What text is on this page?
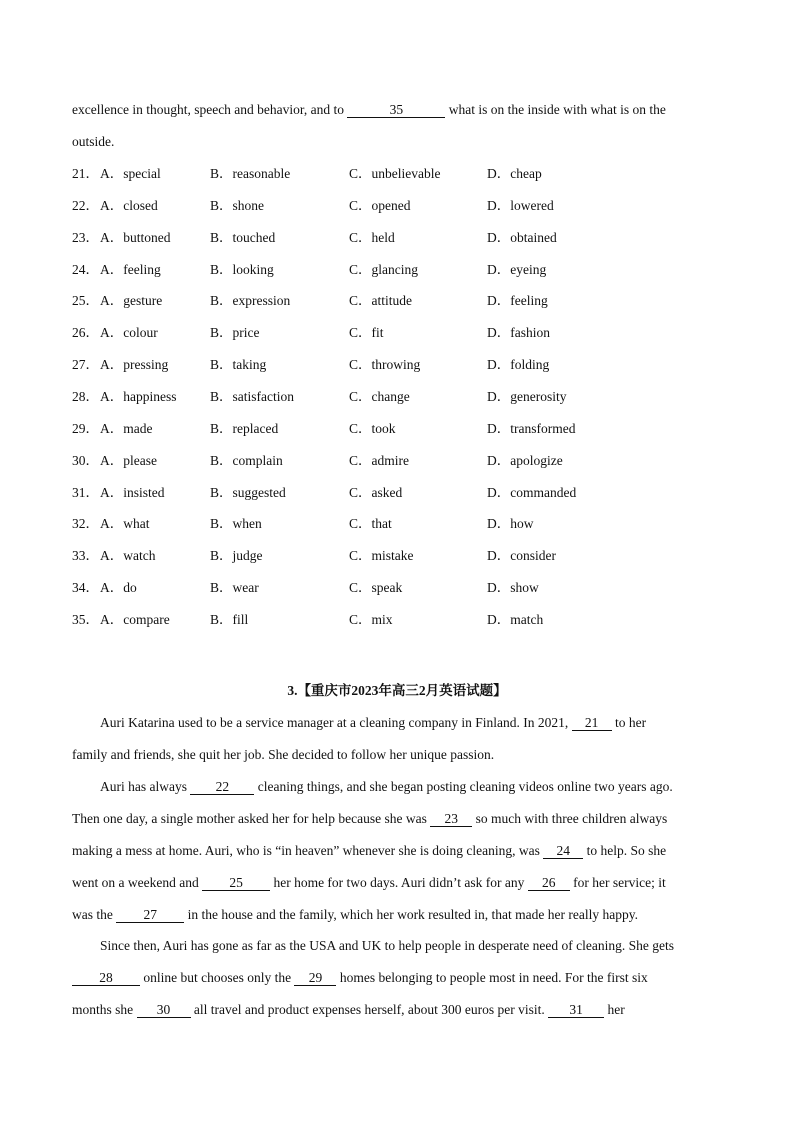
excellence in thought, speech and behavior, and to	35	what is on the inside with what is on the
outside.
21． A．special	B．reasonable	C．unbelievable	D．cheap
22． A．closed	B．shone	C．opened	D．lowered
23． A．buttoned	B．touched	C．held	D．obtained
24． A．feeling	B．looking	C．glancing	D．eyeing
25． A．gesture	B．expression	C．attitude	D．feeling
26． A．colour	B．price	C．fit	D．fashion
27． A．pressing	B．taking	C．throwing	D．folding
28． A．happiness B．satisfaction	C．change	D．generosity
29． A．made	B．replaced	C．took	D．transformed
30． A．please	B．complain	C．admire	D．apologize
31． A．insisted	B．suggested	C．asked	D．commanded
32． A．what	B．when	C．that	D．how
33． A．watch	B．judge	C．mistake	D．consider
34． A．do	B．wear	C．speak	D．show
35． A．compare	B．fill	C．mix	D．match
3.【重庆市2023年高三2月英语试题】
Auri Katarina used to be a service manager at a cleaning company in Finland. In 2021, 21 to her
family and friends, she quit her job. She decided to follow her unique passion.
Auri has always 22 cleaning things, and she began posting cleaning videos online two years ago.
Then one day, a single mother asked her for help because she was 23 so much with three children always
making a mess at home. Auri, who is “in heaven” whenever she is doing cleaning, was 24 to help. So she
went on a weekend and 25 her home for two days. Auri didn’t ask for any 26 for her service; it
was the 27 in the house and the family, which her work resulted in, that made her really happy.
Since then, Auri has gone as far as the USA and UK to help people in desperate need of cleaning. She gets
28 online but chooses only the 29 homes belonging to people most in need. For the first six
months she 30 all travel and product expenses herself, about 300 euros per visit. 31 her
